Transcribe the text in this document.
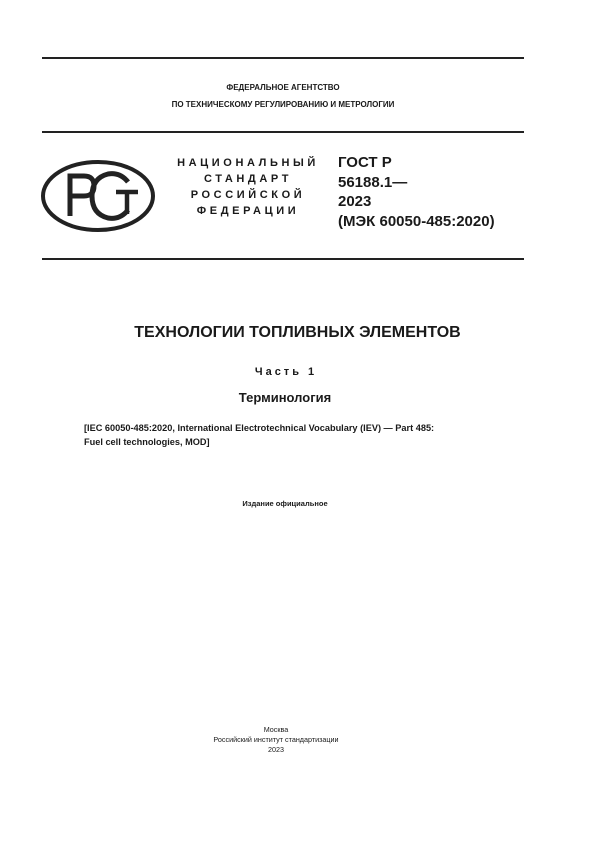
ФЕДЕРАЛЬНОЕ АГЕНТСТВО
ПО ТЕХНИЧЕСКОМУ РЕГУЛИРОВАНИЮ И МЕТРОЛОГИИ
НАЦИОНАЛЬНЫЙ
СТАНДАРТ
РОССИЙСКОЙ
ФЕДЕРАЦИИ
ГОСТ Р
56188.1—
2023
(МЭК 60050-485:2020)
ТЕХНОЛОГИИ ТОПЛИВНЫХ ЭЛЕМЕНТОВ
Часть 1
Терминология
[IEC 60050-485:2020, International Electrotechnical Vocabulary (IEV) — Part 485:
Fuel cell technologies, MOD]
Издание официальное
Москва
Российский институт стандартизации
2023
